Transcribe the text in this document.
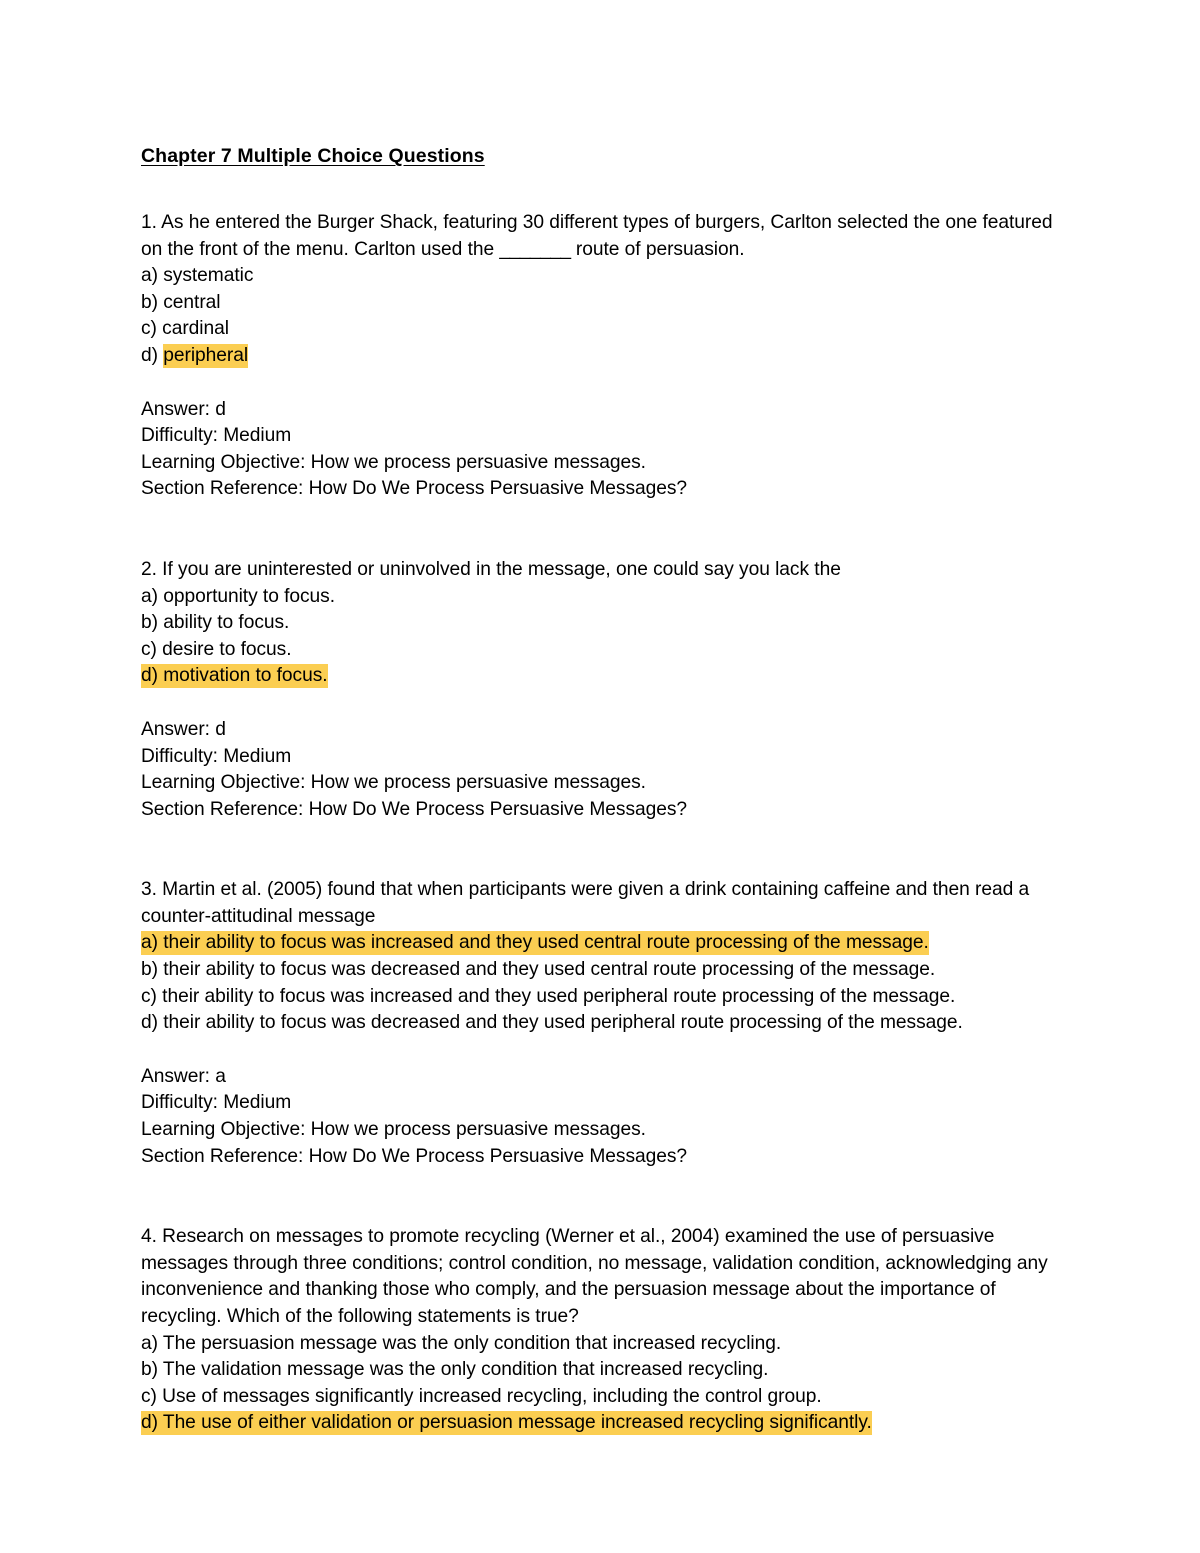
Chapter 7 Multiple Choice Questions
1. As he entered the Burger Shack, featuring 30 different types of burgers, Carlton selected the one featured on the front of the menu. Carlton used the _______ route of persuasion.
a) systematic
b) central
c) cardinal
d) peripheral
Answer: d
Difficulty: Medium
Learning Objective: How we process persuasive messages.
Section Reference: How Do We Process Persuasive Messages?
2. If you are uninterested or uninvolved in the message, one could say you lack the
a) opportunity to focus.
b) ability to focus.
c) desire to focus.
d) motivation to focus.
Answer: d
Difficulty: Medium
Learning Objective: How we process persuasive messages.
Section Reference: How Do We Process Persuasive Messages?
3. Martin et al. (2005) found that when participants were given a drink containing caffeine and then read a counter-attitudinal message
a) their ability to focus was increased and they used central route processing of the message.
b) their ability to focus was decreased and they used central route processing of the message.
c) their ability to focus was increased and they used peripheral route processing of the message.
d) their ability to focus was decreased and they used peripheral route processing of the message.
Answer: a
Difficulty: Medium
Learning Objective: How we process persuasive messages.
Section Reference: How Do We Process Persuasive Messages?
4. Research on messages to promote recycling (Werner et al., 2004) examined the use of persuasive messages through three conditions; control condition, no message, validation condition, acknowledging any inconvenience and thanking those who comply, and the persuasion message about the importance of recycling. Which of the following statements is true?
a) The persuasion message was the only condition that increased recycling.
b) The validation message was the only condition that increased recycling.
c) Use of messages significantly increased recycling, including the control group.
d) The use of either validation or persuasion message increased recycling significantly.
